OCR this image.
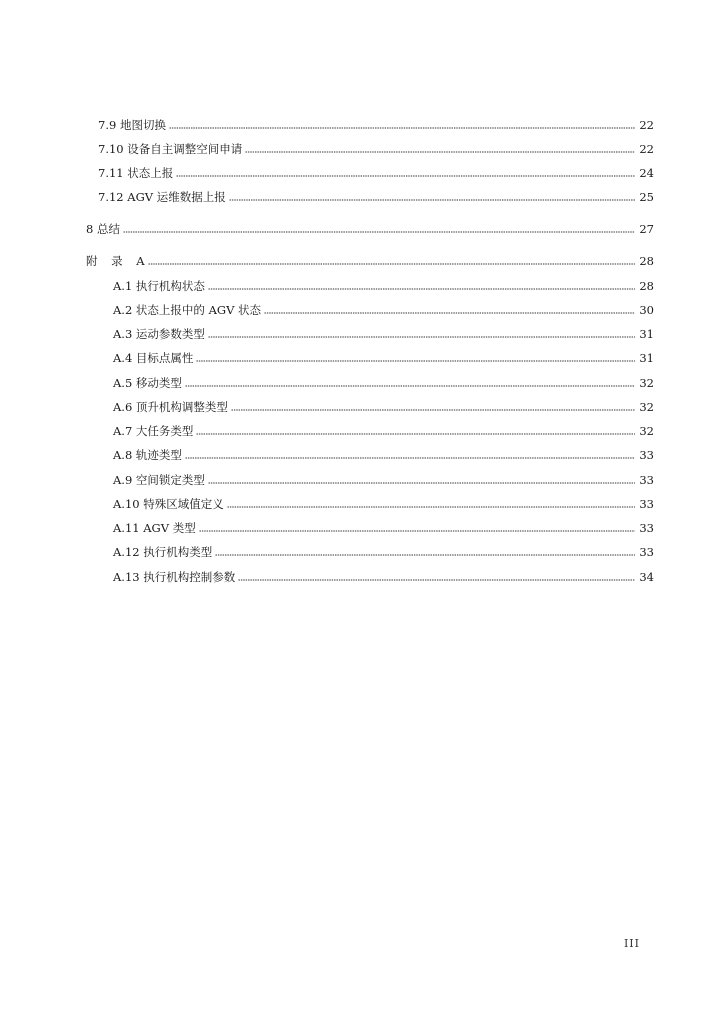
7.9 地图切换	22
7.10 设备自主调整空间申请	22
7.11 状态上报	24
7.12 AGV 运维数据上报	25
8 总结	27
附 录 A	28
A.1 执行机构状态	28
A.2 状态上报中的 AGV 状态	30
A.3 运动参数类型	31
A.4 目标点属性	31
A.5 移动类型	32
A.6 顶升机构调整类型	32
A.7 大任务类型	32
A.8 轨迹类型	33
A.9 空间锁定类型	33
A.10 特殊区域值定义	33
A.11 AGV 类型	33
A.12 执行机构类型	33
A.13 执行机构控制参数	34
III
